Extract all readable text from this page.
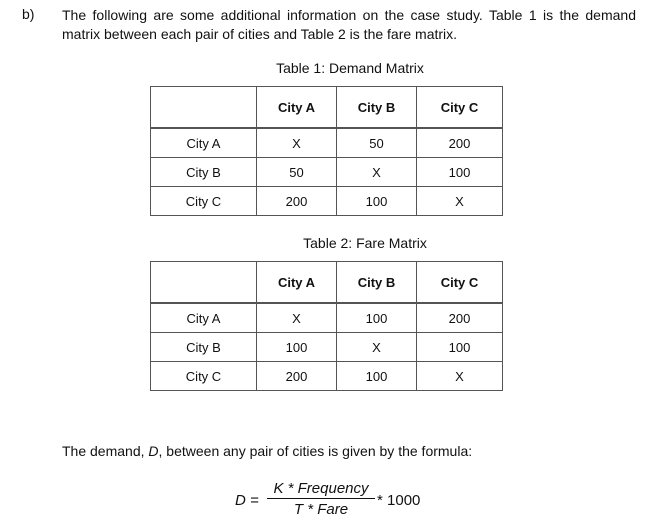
b) The following are some additional information on the case study. Table 1 is the demand matrix between each pair of cities and Table 2 is the fare matrix.
Table 1: Demand Matrix
	City A	City B	City C

City A	X	50	200
City B	50	X	100
City C	200	100	X
Table 2: Fare Matrix
	City A	City B	City C

City A	X	100	200
City B	100	X	100
City C	200	100	X
The demand, D, between any pair of cities is given by the formula:
D =
K * Frequency
T * Fare
* 1000
